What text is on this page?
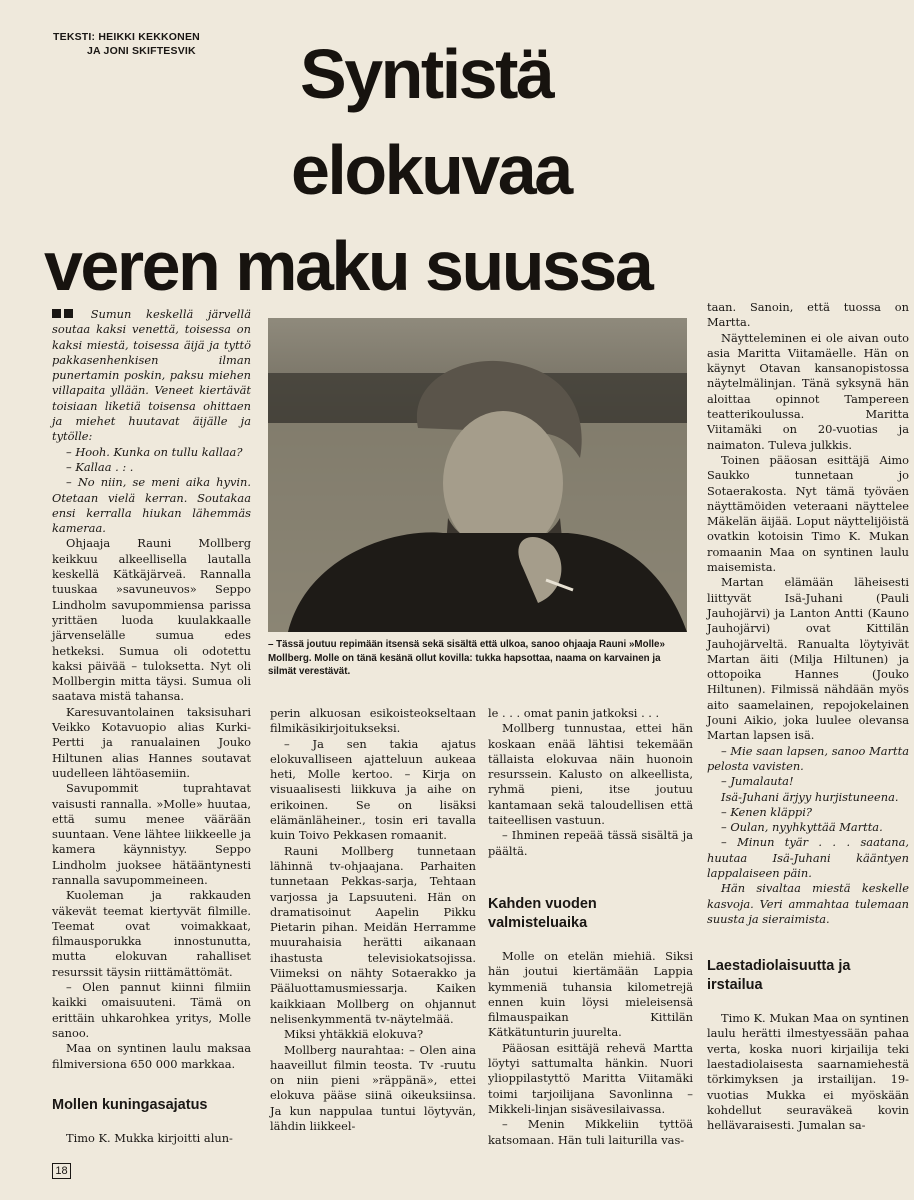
TEKSTI: HEIKKI KEKKONEN
JA JONI SKIFTESVIK	Syntistä
elokuvaa
veren maku suussa

Sumun keskellä järvellä soutaa kaksi venettä, toisessa on kaksi miestä, toisessa äijä ja tyttö pakkasenhenkisen ilman punertamin poskin, paksu miehen villapaita yllään. Veneet kiertävät toisiaan liketiä toisensa ohittaen ja miehet huutavat äijälle ja tytölle:

– Hooh. Kunka on tullu kallaa?

– Kallaa . : .

– No niin, se meni aika hyvin. Otetaan vielä kerran. Soutakaa ensi kerralla hiukan lähemmäs kameraa.

Ohjaaja Rauni Mollberg keikkuu alkeellisella lautalla keskellä Kätkäjärveä. Rannalla tuuskaa »savuneuvos» Seppo Lindholm savupommiensa parissa yrittäen luoda kuulakkaalle järvenselälle sumua edes hetkeksi. Sumua oli odotettu kaksi päivää – tuloksetta. Nyt oli Mollbergin mitta täysi. Sumua oli saatava mistä tahansa.

Karesuvantolainen taksisuhari Veikko Kotavuopio alias Kurki-Pertti ja ranualainen Jouko Hiltunen alias Hannes soutavat uudelleen lähtöasemiin.

Savupommit tuprahtavat vaisusti rannalla. »Molle» huutaa, että sumu menee väärään suuntaan. Vene lähtee liikkeelle ja kamera käynnistyy. Seppo Lindholm juoksee hätääntynesti rannalla savupommeineen.

Kuoleman ja rakkauden väkevät teemat kiertyvät filmille. Teemat ovat voimakkaat, filmausporukka innostunutta, mutta elokuvan rahalliset resurssit täysin riittämättömät.

– Olen pannut kiinni filmiin kaikki omaisuuteni. Tämä on erittäin uhkarohkea yritys, Molle sanoo.

Maa on syntinen laulu maksaa filmiversiona 650 000 markkaa.

Mollen kuningasajatus

Timo K. Mukka kirjoitti alun-

– Tässä joutuu repimään itsensä sekä sisältä että ulkoa, sanoo ohjaaja Rauni »Molle» Mollberg. Molle on tänä kesänä ollut kovilla: tukka hapsottaa, naama on karvainen ja silmät verestävät.

perin alkuosan esikoisteokseltaan filmikäsikirjoitukseksi.

– Ja sen takia ajatus elokuvalliseen ajatteluun aukeaa heti, Molle kertoo. – Kirja on visuaalisesti liikkuva ja aihe on erikoinen. Se on lisäksi elämänläheiner., tosin eri tavalla kuin Toivo Pekkasen romaanit.

Rauni Mollberg tunnetaan lähinnä tv-ohjaajana. Parhaiten tunnetaan Pekkas-sarja, Tehtaan varjossa ja Lapsuuteni. Hän on dramatisoinut Aapelin Pikku Pietarin pihan. Meidän Herramme muurahaisia herätti aikanaan ihastusta televisiokatsojissa. Viimeksi on nähty Sotaerakko ja Pääluottamusmiessarja. Kaiken kaikkiaan Mollberg on ohjannut nelisenkymmentä tv-näytelmää.

Miksi yhtäkkiä elokuva?

Mollberg naurahtaa: – Olen aina haaveillut filmin teosta. Tv -ruutu on niin pieni »räppänä», ettei elokuva pääse siinä oikeuksiinsa. Ja kun nappulaa tuntui löytyvän, lähdin liikkeel-

le . . . omat panin jatkoksi . . .

Mollberg tunnustaa, ettei hän koskaan enää lähtisi tekemään tällaista elokuvaa näin huonoin resurssein. Kalusto on alkeellista, ryhmä pieni, itse joutuu kantamaan sekä taloudellisen että taiteellisen vastuun.

– Ihminen repeää tässä sisältä ja päältä.

Kahden vuoden valmisteluaika

Molle on etelän miehiä. Siksi hän joutui kiertämään Lappia kymmeniä tuhansia kilometrejä ennen kuin löysi mieleisensä filmauspaikan Kittilän Kätkätunturin juurelta.

Pääosan esittäjä rehevä Martta löytyi sattumalta hänkin. Nuori ylioppilastyttö Maritta Viitamäki toimi tarjoilijana Savonlinna –Mikkeli-linjan sisävesilaivassa.

– Menin Mikkeliin tyttöä katsomaan. Hän tuli laiturilla vas-

taan. Sanoin, että tuossa on Martta.

Näytteleminen ei ole aivan outo asia Maritta Viitamäelle. Hän on käynyt Otavan kansanopistossa näytelmälinjan. Tänä syksynä hän aloittaa opinnot Tampereen teatterikoulussa. Maritta Viitamäki on 20-vuotias ja naimaton. Tuleva julkkis.

Toinen pääosan esittäjä Aimo Saukko tunnetaan jo Sotaerakosta. Nyt tämä työväen näyttämöiden veteraani näyttelee Mäkelän äijää. Loput näyttelijöistä ovatkin kotoisin Timo K. Mukan romaanin Maa on syntinen laulu maisemista.

Martan elämään läheisesti liittyvät Isä-Juhani (Pauli Jauhojärvi) ja Lanton Antti (Kauno Jauhojärvi) ovat Kittilän Jauhojärveltä. Ranualta löytyivät Martan äiti (Milja Hiltunen) ja ottopoika Hannes (Jouko Hiltunen). Filmissä nähdään myös aito saamelainen, repojokelainen Jouni Aikio, joka luulee olevansa Martan lapsen isä.

– Mie saan lapsen, sanoo Martta pelosta vavisten.

– Jumalauta!

Isä-Juhani ärjyy hurjistuneena.

– Kenen kläppi?

– Oulan, nyyhkyttää Martta.

– Minun tyär . . . saatana, huutaa Isä-Juhani kääntyen lappalaiseen päin.

Hän sivaltaa miestä keskelle kasvoja. Veri ammahtaa tulemaan suusta ja sieraimista.

Laestadiolaisuutta ja irstailua

Timo K. Mukan Maa on syntinen laulu herätti ilmestyessään pahaa verta, koska nuori kirjailija teki laestadiolaisesta saarnamiehestä törkimyksen ja irstailijan. 19-vuotias Mukka ei myöskään kohdellut seuraväkeä kovin hellävaraisesti. Jumalan sa-

18
